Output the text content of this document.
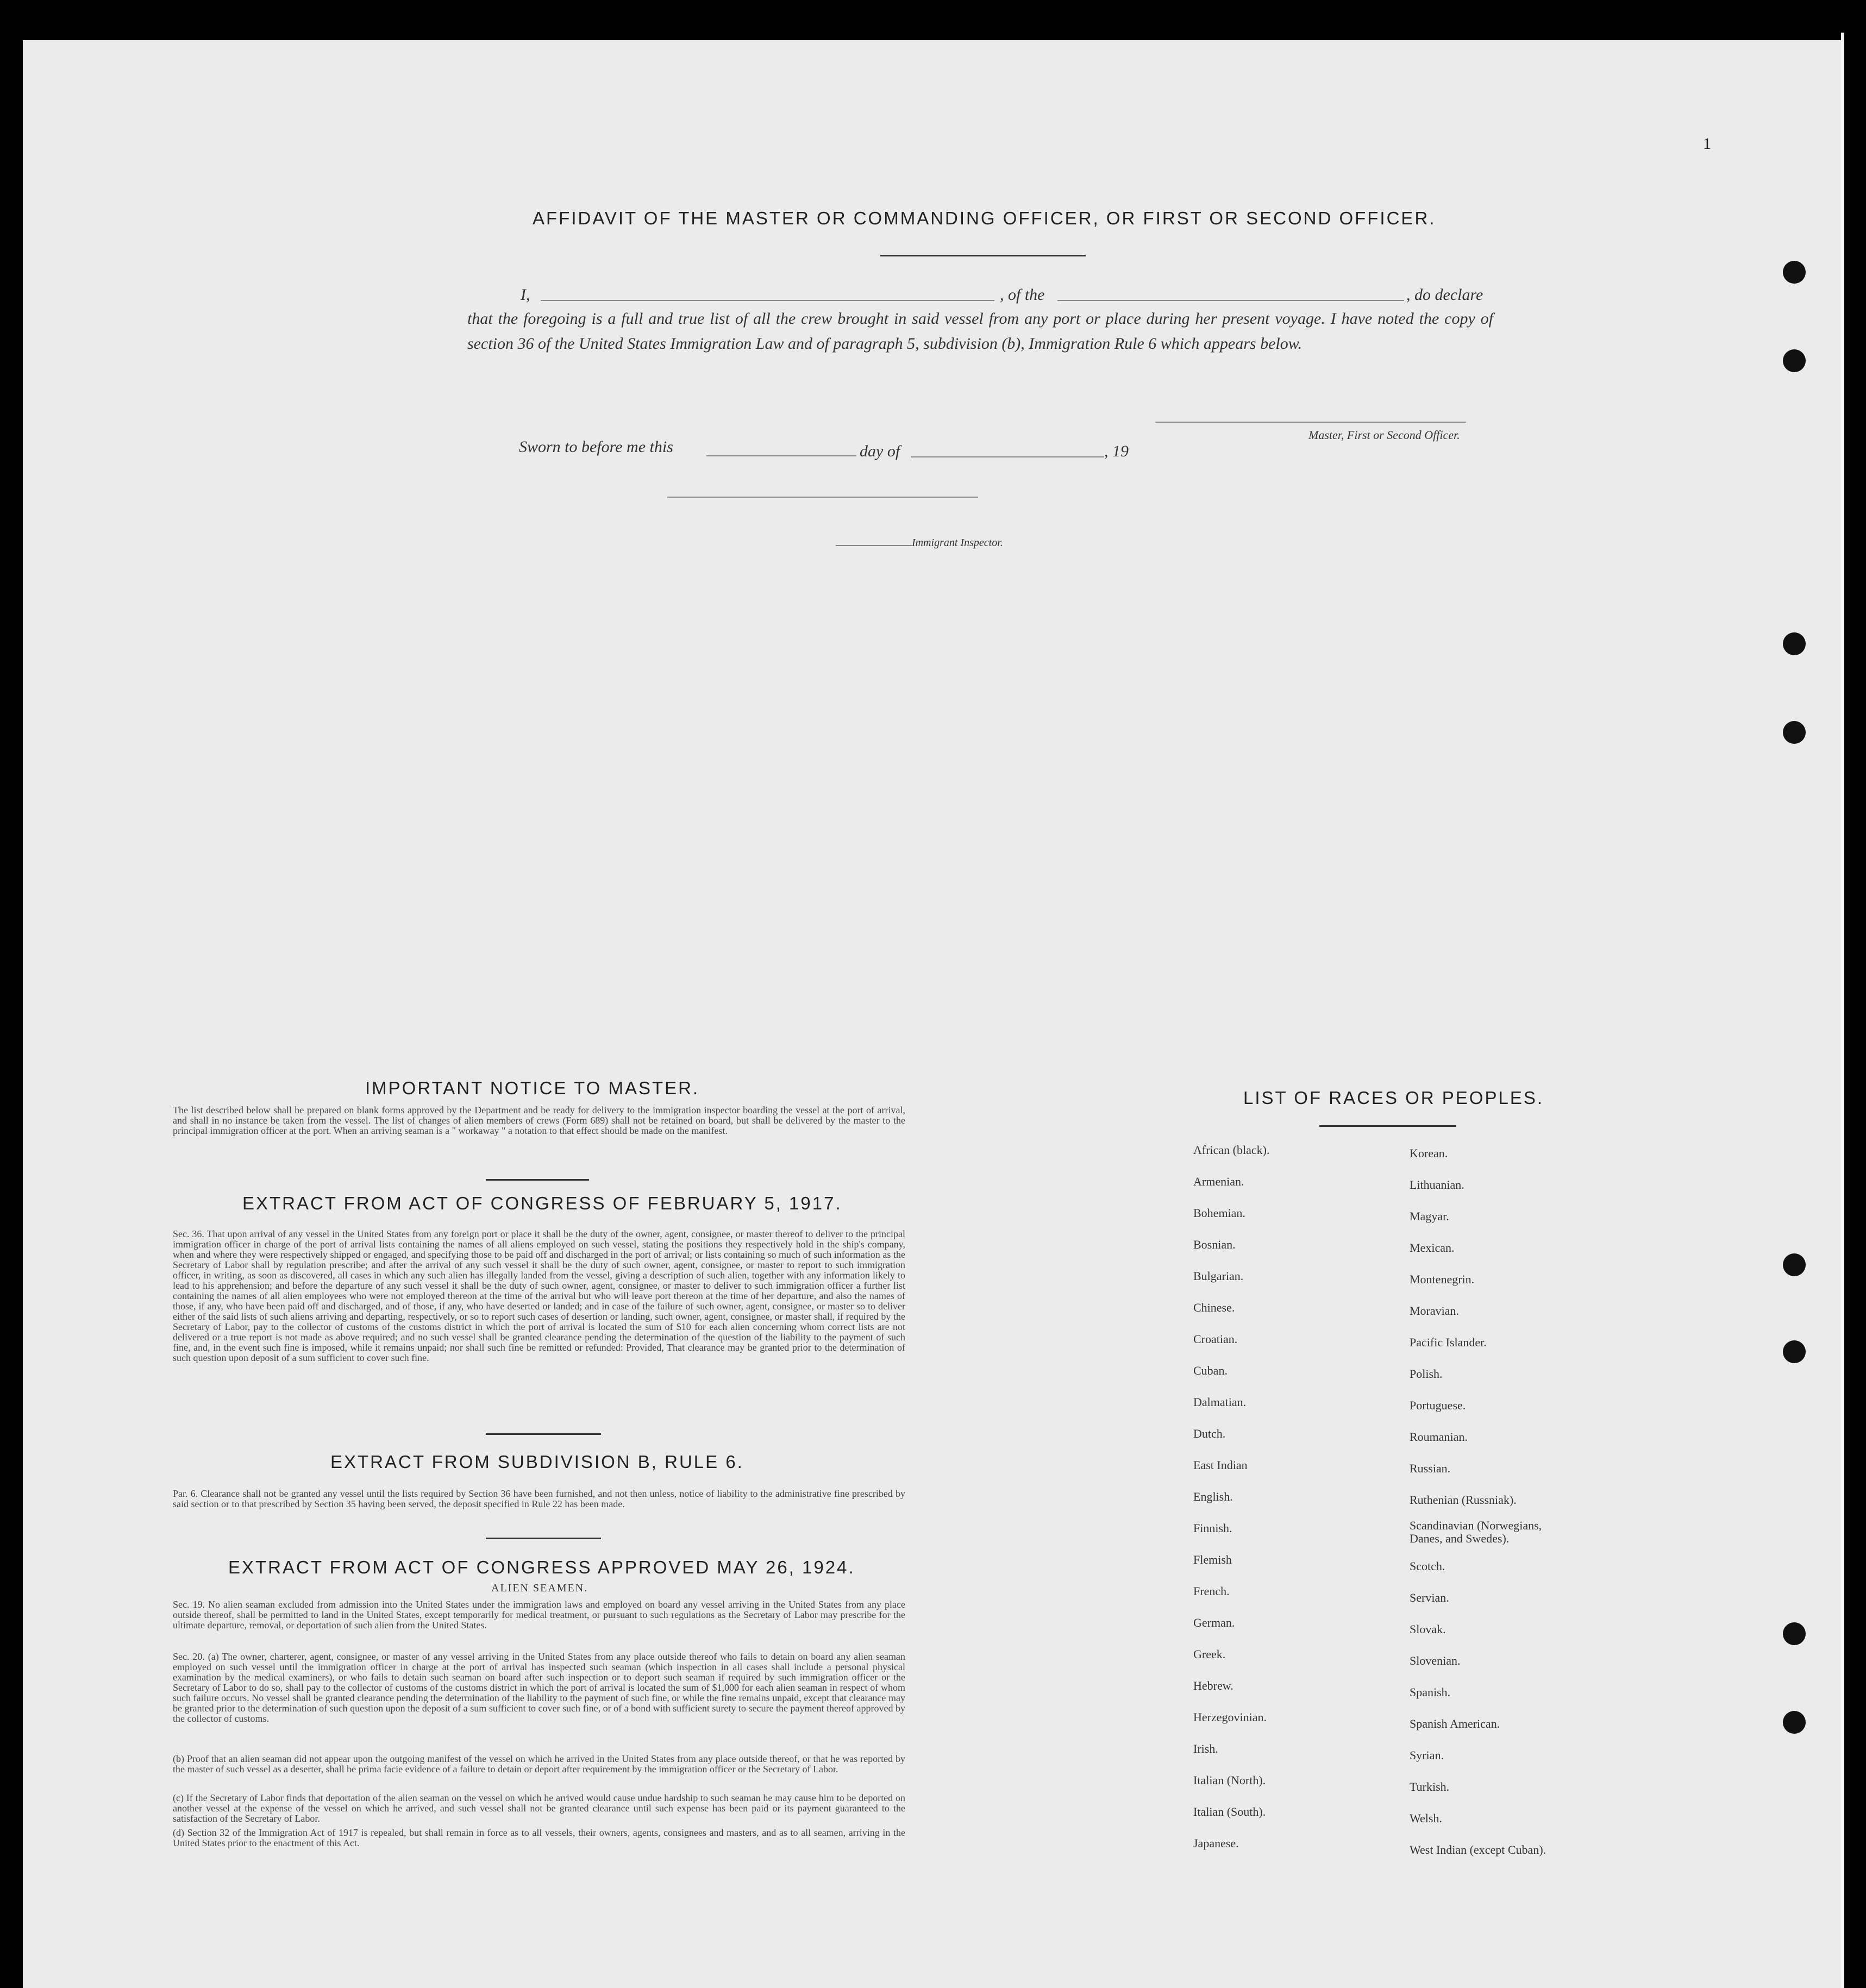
1
AFFIDAVIT OF THE MASTER OR COMMANDING OFFICER, OR FIRST OR SECOND OFFICER.
I,	, of the	, do declare
that the foregoing is a full and true list of all the crew brought in said vessel from any port or place during her present voyage. I have noted the copy of section 36 of the United States Immigration Law and of paragraph 5, subdivision (b), Immigration Rule 6 which appears below.
Master, First or Second Officer.
Sworn to before me this	day of	, 19
Immigrant Inspector.
IMPORTANT NOTICE TO MASTER.
The list described below shall be prepared on blank forms approved by the Department and be ready for delivery to the immigration inspector boarding the vessel at the port of arrival, and shall in no instance be taken from the vessel. The list of changes of alien members of crews (Form 689) shall not be retained on board, but shall be delivered by the master to the principal immigration officer at the port. When an arriving seaman is a " workaway " a notation to that effect should be made on the manifest.
EXTRACT FROM ACT OF CONGRESS OF FEBRUARY 5, 1917.
Sec. 36. That upon arrival of any vessel in the United States from any foreign port or place it shall be the duty of the owner, agent, consignee, or master thereof to deliver to the principal immigration officer in charge of the port of arrival lists containing the names of all aliens employed on such vessel, stating the positions they respectively hold in the ship's company, when and where they were respectively shipped or engaged, and specifying those to be paid off and discharged in the port of arrival; or lists containing so much of such information as the Secretary of Labor shall by regulation prescribe; and after the arrival of any such vessel it shall be the duty of such owner, agent, consignee, or master to report to such immigration officer, in writing, as soon as discovered, all cases in which any such alien has illegally landed from the vessel, giving a description of such alien, together with any information likely to lead to his apprehension; and before the departure of any such vessel it shall be the duty of such owner, agent, consignee, or master to deliver to such immigration officer a further list containing the names of all alien employees who were not employed thereon at the time of the arrival but who will leave port thereon at the time of her departure, and also the names of those, if any, who have been paid off and discharged, and of those, if any, who have deserted or landed; and in case of the failure of such owner, agent, consignee, or master so to deliver either of the said lists of such aliens arriving and departing, respectively, or so to report such cases of desertion or landing, such owner, agent, consignee, or master shall, if required by the Secretary of Labor, pay to the collector of customs of the customs district in which the port of arrival is located the sum of $10 for each alien concerning whom correct lists are not delivered or a true report is not made as above required; and no such vessel shall be granted clearance pending the determination of the question of the liability to the payment of such fine, and, in the event such fine is imposed, while it remains unpaid; nor shall such fine be remitted or refunded: Provided, That clearance may be granted prior to the determination of such question upon deposit of a sum sufficient to cover such fine.
EXTRACT FROM SUBDIVISION B, RULE 6.
Par. 6. Clearance shall not be granted any vessel until the lists required by Section 36 have been furnished, and not then unless, notice of liability to the administrative fine prescribed by said section or to that prescribed by Section 35 having been served, the deposit specified in Rule 22 has been made.
EXTRACT FROM ACT OF CONGRESS APPROVED MAY 26, 1924.
ALIEN SEAMEN.
Sec. 19. No alien seaman excluded from admission into the United States under the immigration laws and employed on board any vessel arriving in the United States from any place outside thereof, shall be permitted to land in the United States, except temporarily for medical treatment, or pursuant to such regulations as the Secretary of Labor may prescribe for the ultimate departure, removal, or deportation of such alien from the United States.
Sec. 20. (a) The owner, charterer, agent, consignee, or master of any vessel arriving in the United States from any place outside thereof who fails to detain on board any alien seaman employed on such vessel until the immigration officer in charge at the port of arrival has inspected such seaman (which inspection in all cases shall include a personal physical examination by the medical examiners), or who fails to detain such seaman on board after such inspection or to deport such seaman if required by such immigration officer or the Secretary of Labor to do so, shall pay to the collector of customs of the customs district in which the port of arrival is located the sum of $1,000 for each alien seaman in respect of whom such failure occurs. No vessel shall be granted clearance pending the determination of the liability to the payment of such fine, or while the fine remains unpaid, except that clearance may be granted prior to the determination of such question upon the deposit of a sum sufficient to cover such fine, or of a bond with sufficient surety to secure the payment thereof approved by the collector of customs.
(b) Proof that an alien seaman did not appear upon the outgoing manifest of the vessel on which he arrived in the United States from any place outside thereof, or that he was reported by the master of such vessel as a deserter, shall be prima facie evidence of a failure to detain or deport after requirement by the immigration officer or the Secretary of Labor.
(c) If the Secretary of Labor finds that deportation of the alien seaman on the vessel on which he arrived would cause undue hardship to such seaman he may cause him to be deported on another vessel at the expense of the vessel on which he arrived, and such vessel shall not be granted clearance until such expense has been paid or its payment guaranteed to the satisfaction of the Secretary of Labor.
(d) Section 32 of the Immigration Act of 1917 is repealed, but shall remain in force as to all vessels, their owners, agents, consignees and masters, and as to all seamen, arriving in the United States prior to the enactment of this Act.
LIST OF RACES OR PEOPLES.
African (black).
Armenian.
Bohemian.
Bosnian.
Bulgarian.
Chinese.
Croatian.
Cuban.
Dalmatian.
Dutch.
East Indian
English.
Finnish.
Flemish
French.
German.
Greek.
Hebrew.
Herzegovinian.
Irish.
Italian (North).
Italian (South).
Japanese.
Korean.
Lithuanian.
Magyar.
Mexican.
Montenegrin.
Moravian.
Pacific Islander.
Polish.
Portuguese.
Roumanian.
Russian.
Ruthenian (Russniak).
Scandinavian (Norwegians, Danes, and Swedes).
Scotch.
Servian.
Slovak.
Slovenian.
Spanish.
Spanish American.
Syrian.
Turkish.
Welsh.
West Indian (except Cuban).
